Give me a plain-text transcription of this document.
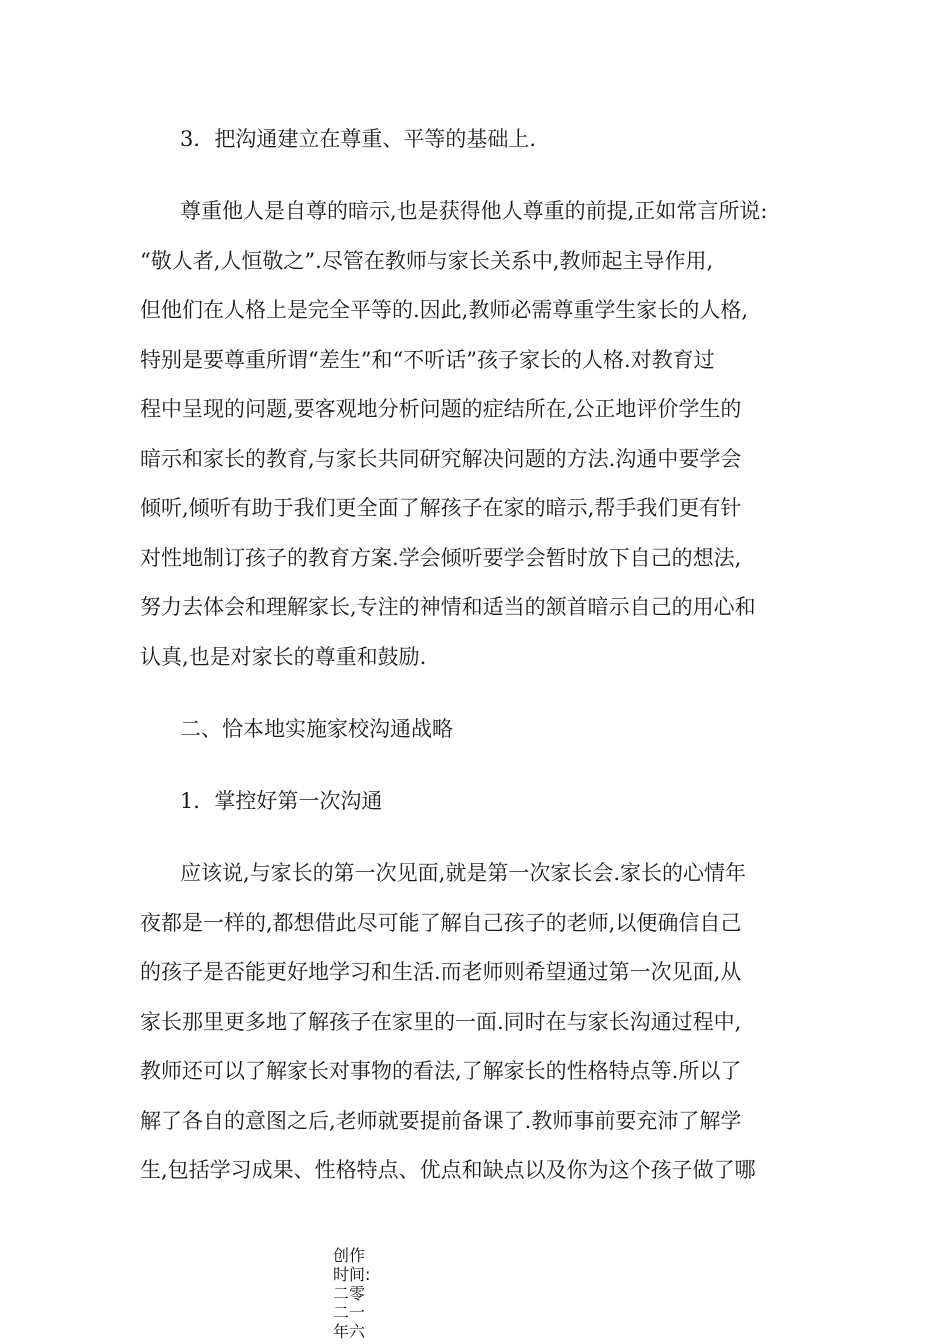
3．把沟通建立在尊重、平等的基础上.
尊重他人是自尊的暗示,也是获得他人尊重的前提,正如常言所说:
“敬人者,人恒敬之”.尽管在教师与家长关系中,教师起主导作用,
但他们在人格上是完全平等的.因此,教师必需尊重学生家长的人格,
特别是要尊重所谓“差生”和“不听话”孩子家长的人格.对教育过
程中呈现的问题,要客观地分析问题的症结所在,公正地评价学生的
暗示和家长的教育,与家长共同研究解决问题的方法.沟通中要学会
倾听,倾听有助于我们更全面了解孩子在家的暗示,帮手我们更有针
对性地制订孩子的教育方案.学会倾听要学会暂时放下自己的想法,
努力去体会和理解家长,专注的神情和适当的颔首暗示自己的用心和
认真,也是对家长的尊重和鼓励.
二、恰本地实施家校沟通战略
1．掌控好第一次沟通
应该说,与家长的第一次见面,就是第一次家长会.家长的心情年
夜都是一样的,都想借此尽可能了解自己孩子的老师,以便确信自己
的孩子是否能更好地学习和生活.而老师则希望通过第一次见面,从
家长那里更多地了解孩子在家里的一面.同时在与家长沟通过程中,
教师还可以了解家长对事物的看法,了解家长的性格特点等.所以了
解了各自的意图之后,老师就要提前备课了.教师事前要充沛了解学
生,包括学习成果、性格特点、优点和缺点以及你为这个孩子做了哪
创作时间:二零二一年六
